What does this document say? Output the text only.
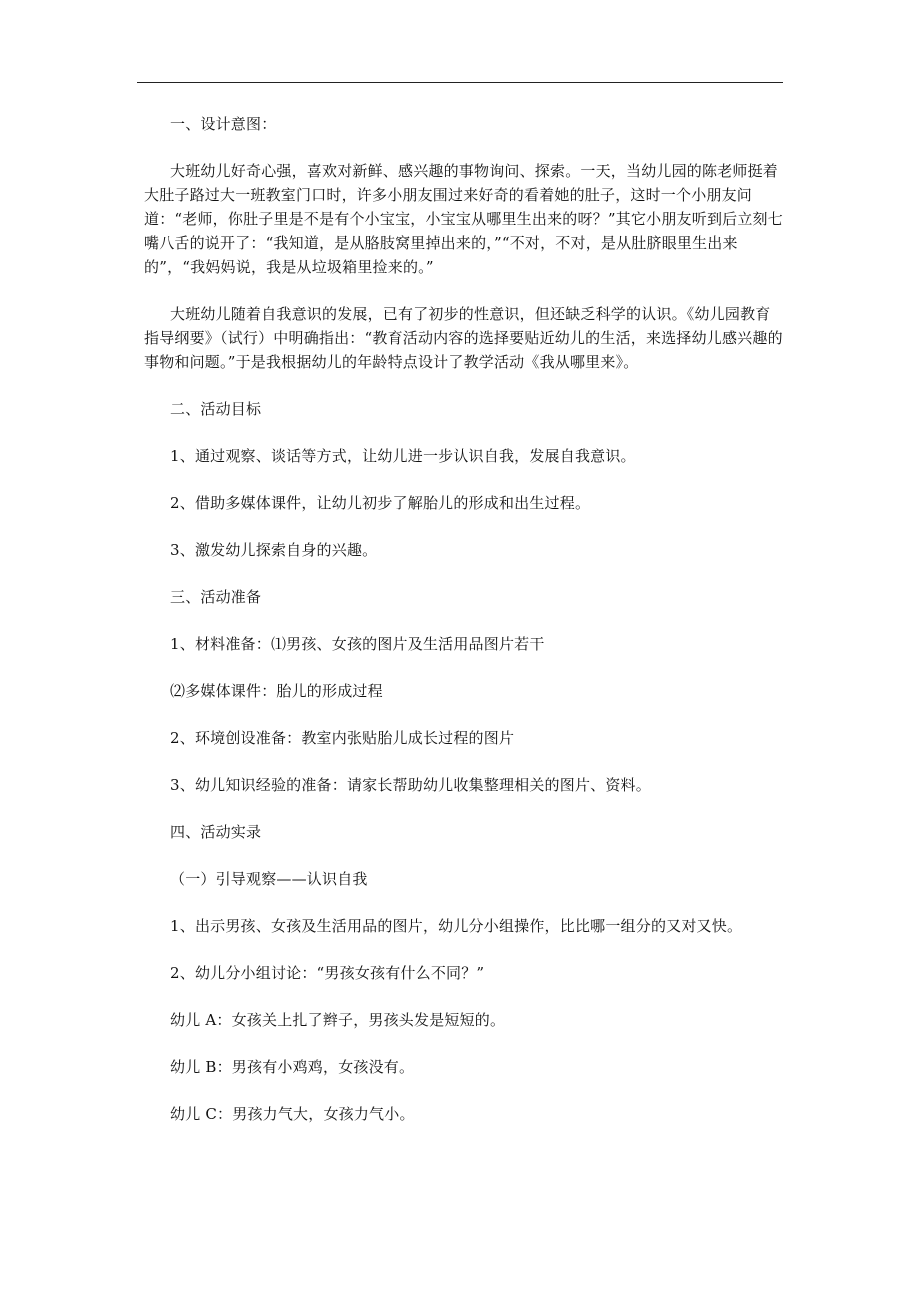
一、设计意图：

大班幼儿好奇心强，喜欢对新鲜、感兴趣的事物询问、探索。一天，当幼儿园的陈老师挺着大肚子路过大一班教室门口时，许多小朋友围过来好奇的看着她的肚子，这时一个小朋友问道：“老师，你肚子里是不是有个小宝宝，小宝宝从哪里生出来的呀？”其它小朋友听到后立刻七嘴八舌的说开了：“我知道，是从胳肢窝里掉出来的，”“不对，不对，是从肚脐眼里生出来的”，“我妈妈说，我是从垃圾箱里捡来的。”

大班幼儿随着自我意识的发展，已有了初步的性意识，但还缺乏科学的认识。《幼儿园教育指导纲要》（试行）中明确指出：“教育活动内容的选择要贴近幼儿的生活，来选择幼儿感兴趣的事物和问题。”于是我根据幼儿的年龄特点设计了教学活动《我从哪里来》。

二、活动目标

1、通过观察、谈话等方式，让幼儿进一步认识自我，发展自我意识。

2、借助多媒体课件，让幼儿初步了解胎儿的形成和出生过程。

3、激发幼儿探索自身的兴趣。

三、活动准备

1、材料准备：⑴男孩、女孩的图片及生活用品图片若干

⑵多媒体课件：胎儿的形成过程

2、环境创设准备：教室内张贴胎儿成长过程的图片

3、幼儿知识经验的准备：请家长帮助幼儿收集整理相关的图片、资料。

四、活动实录

（一）引导观察——认识自我

1、出示男孩、女孩及生活用品的图片，幼儿分小组操作，比比哪一组分的又对又快。

2、幼儿分小组讨论：“男孩女孩有什么不同？”

幼儿 A：女孩关上扎了辫子，男孩头发是短短的。

幼儿 B：男孩有小鸡鸡，女孩没有。

幼儿 C：男孩力气大，女孩力气小。
